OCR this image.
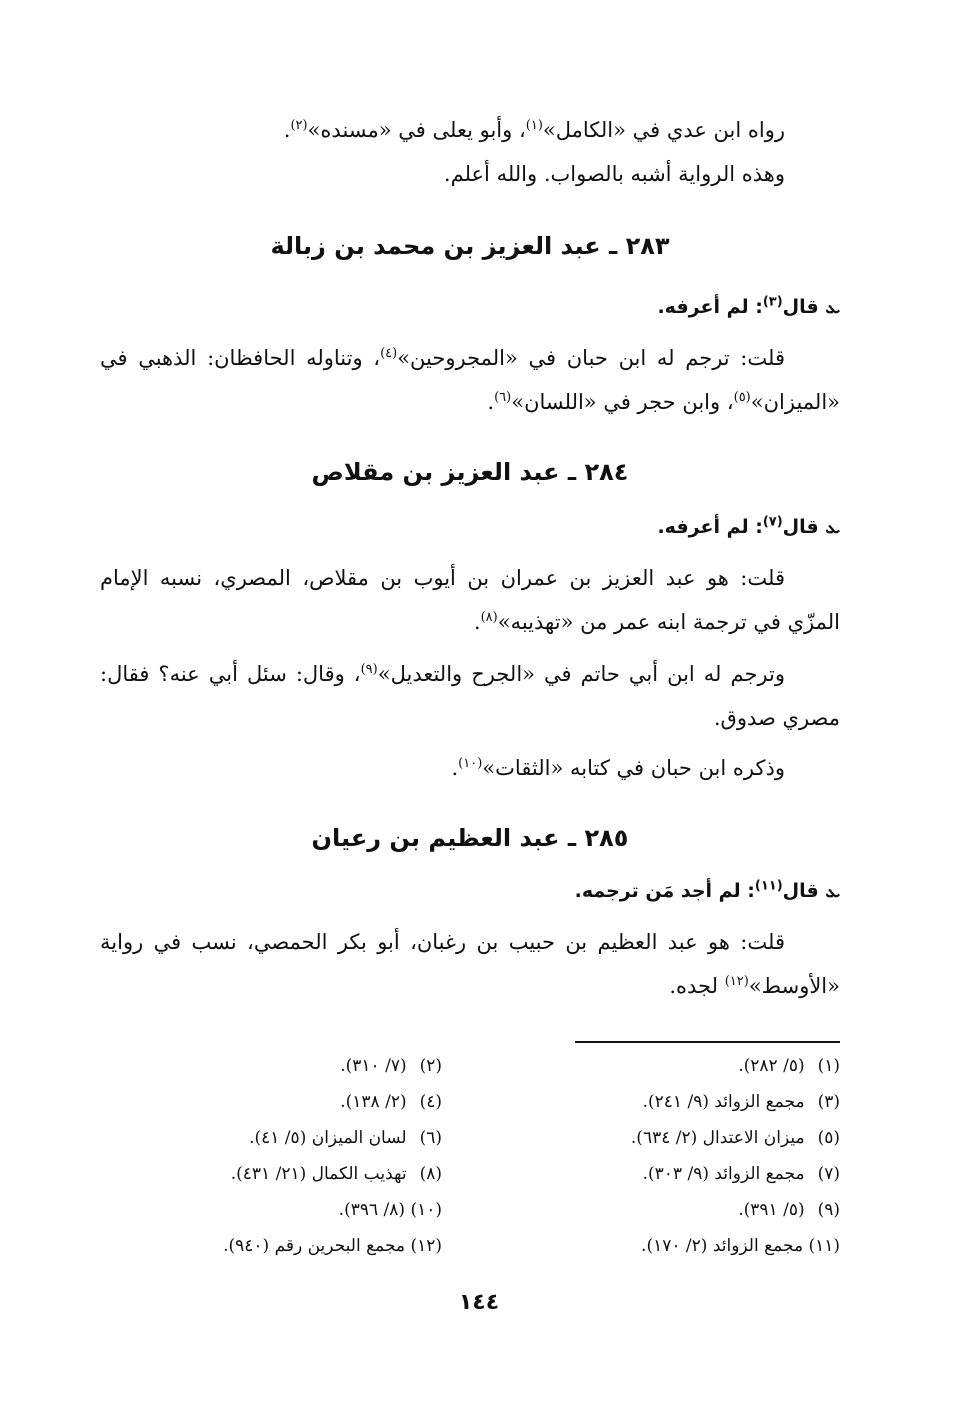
رواه ابن عدي في «الكامل»$^{(١)}$، وأبو يعلى في «مسنده»$^{(٢)}$.
وهذه الرواية أشبه بالصواب. والله أعلم.
٢٨٣ ـ عبد العزيز بن محمد بن زبالة
ܥ قال$^{(٣)}$: لم أعرفه.
قلت: ترجم له ابن حبان في «المجروحين»$^{(٤)}$، وتناوله الحافظان: الذهبي في «الميزان»$^{(٥)}$، وابن حجر في «اللسان»$^{(٦)}$.
٢٨٤ ـ عبد العزيز بن مقلاص
ܥ قال$^{(٧)}$: لم أعرفه.
قلت: هو عبد العزيز بن عمران بن أيوب بن مقلاص، المصري، نسبه الإمام المزّي في ترجمة ابنه عمر من «تهذيبه»$^{(٨)}$.
وترجم له ابن أبي حاتم في «الجرح والتعديل»$^{(٩)}$، وقال: سئل أبي عنه؟ فقال: مصري صدوق.
وذكره ابن حبان في كتابه «الثقات»$^{(١٠)}$.
٢٨٥ ـ عبد العظيم بن رعيان
ܥ قال$^{(١١)}$: لم أجد مَن ترجمه.
قلت: هو عبد العظيم بن حبيب بن رغبان، أبو بكر الحمصي، نسب في رواية «الأوسط»$^{(١٢)}$ لجده.
(١) (٥/ ٢٨٢).
(٣) مجمع الزوائد (٩/ ٢٤١).
(٥) ميزان الاعتدال (٢/ ٦٣٤).
(٧) مجمع الزوائد (٩/ ٣٠٣).
(٩) (٥/ ٣٩١).
(١١) مجمع الزوائد (٢/ ١٧٠).
(٢) (٧/ ٣١٠).
(٤) (٢/ ١٣٨).
(٦) لسان الميزان (٥/ ٤١).
(٨) تهذيب الكمال (٢١/ ٤٣١).
(١٠) (٨/ ٣٩٦).
(١٢) مجمع البحرين رقم (٩٤٠).
١٤٤
